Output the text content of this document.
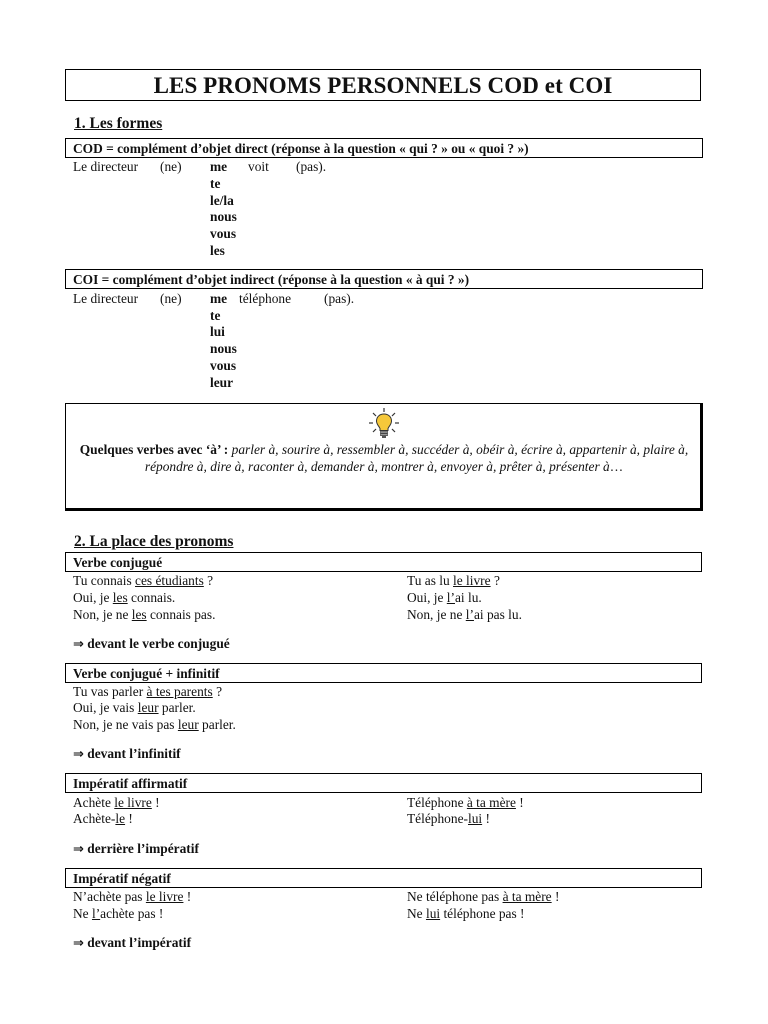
LES PRONOMS PERSONNELS COD et COI
1. Les formes
COD = complément d’objet direct (réponse à la question « qui ? » ou « quoi ? »)
Le directeur (ne)	voit (pas).
me
te
le/la
nous
vous
les
COI = complément d’objet indirect (réponse à la question « à qui ? »)
Le directeur (ne)	téléphone (pas).
me
te
lui
nous
vous
leur
Quelques verbes avec ‘à’ : parler à, sourire à, ressembler à, succéder à, obéir à, écrire à, appartenir à, plaire à, répondre à, dire à, raconter à, demander à, montrer à, envoyer à, prêter à, présenter à…
2. La place des pronoms
Verbe conjugué
Tu connais ces étudiants ?
Oui, je les connais.
Non, je ne les connais pas.
Tu as lu le livre ?
Oui, je l’ai lu.
Non, je ne l’ai pas lu.
⇒ devant le verbe conjugué
Verbe conjugué + infinitif
Tu vas parler à tes parents ?
Oui, je vais leur parler.
Non, je ne vais pas leur parler.
⇒ devant l’infinitif
Impératif affirmatif
Achète le livre !
Achète-le !
Téléphone à ta mère !
Téléphone-lui !
⇒ derrière l’impératif
Impératif négatif
N’achète pas le livre !
Ne l’achète pas !
Ne téléphone pas à ta mère !
Ne lui téléphone pas !
⇒ devant l’impératif
